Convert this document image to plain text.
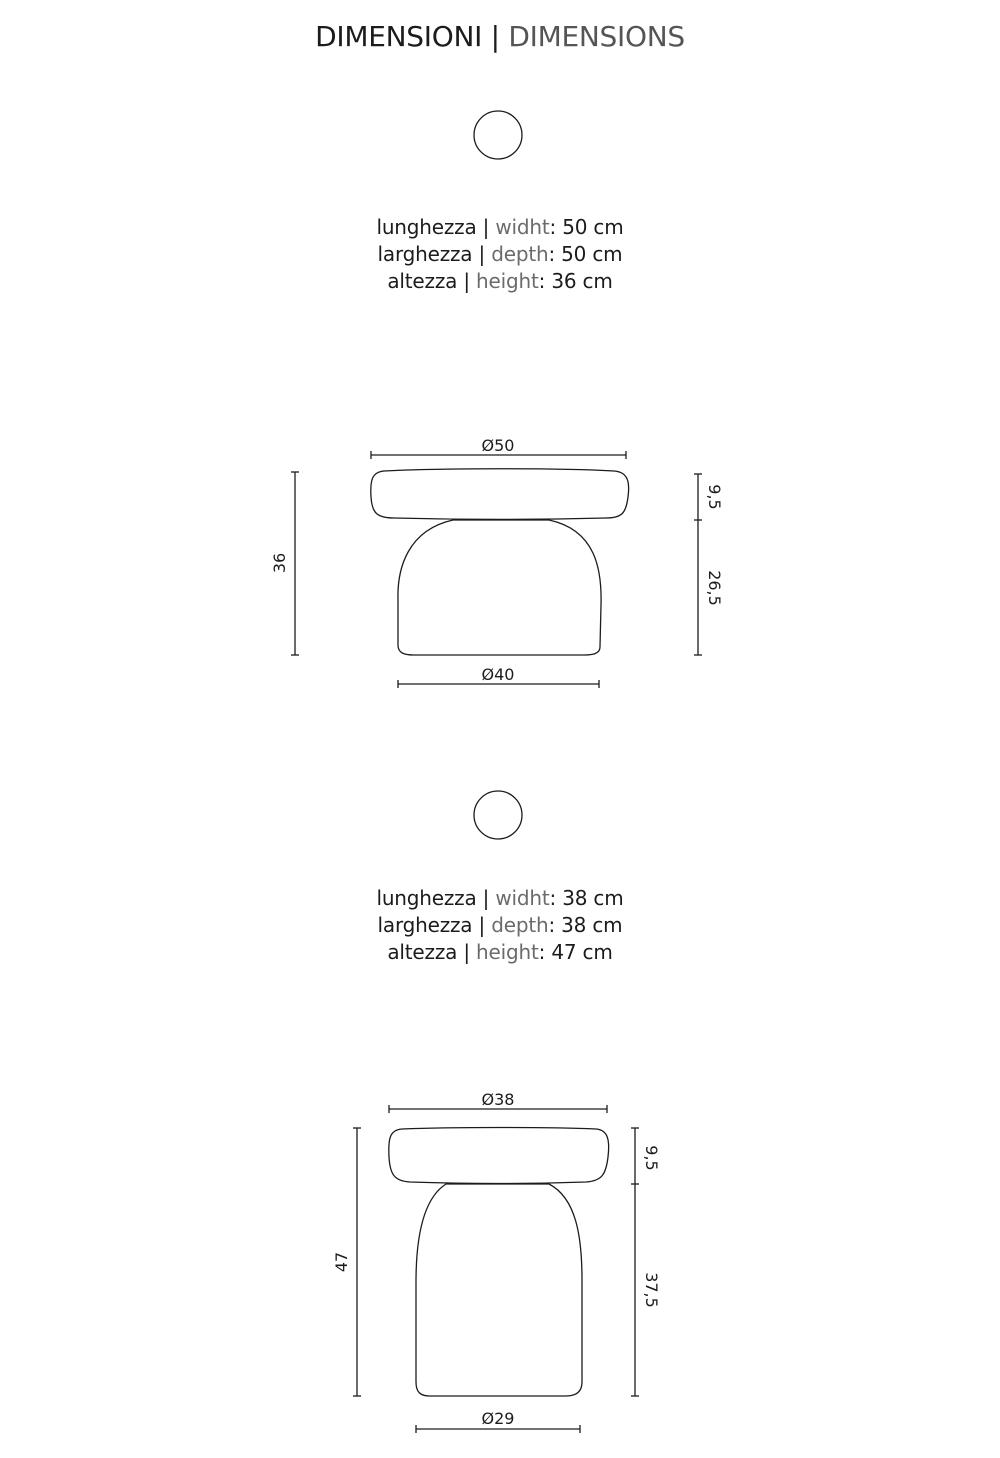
DIMENSIONI | DIMENSIONS
lunghezza | widht: 50 cm
larghezza | depth: 50 cm
altezza | height: 36 cm
lunghezza | widht: 38 cm
larghezza | depth: 38 cm
altezza | height: 47 cm
Ø50
Ø40
36
9,5
26,5
Ø38
Ø29
47
9,5
37,5
